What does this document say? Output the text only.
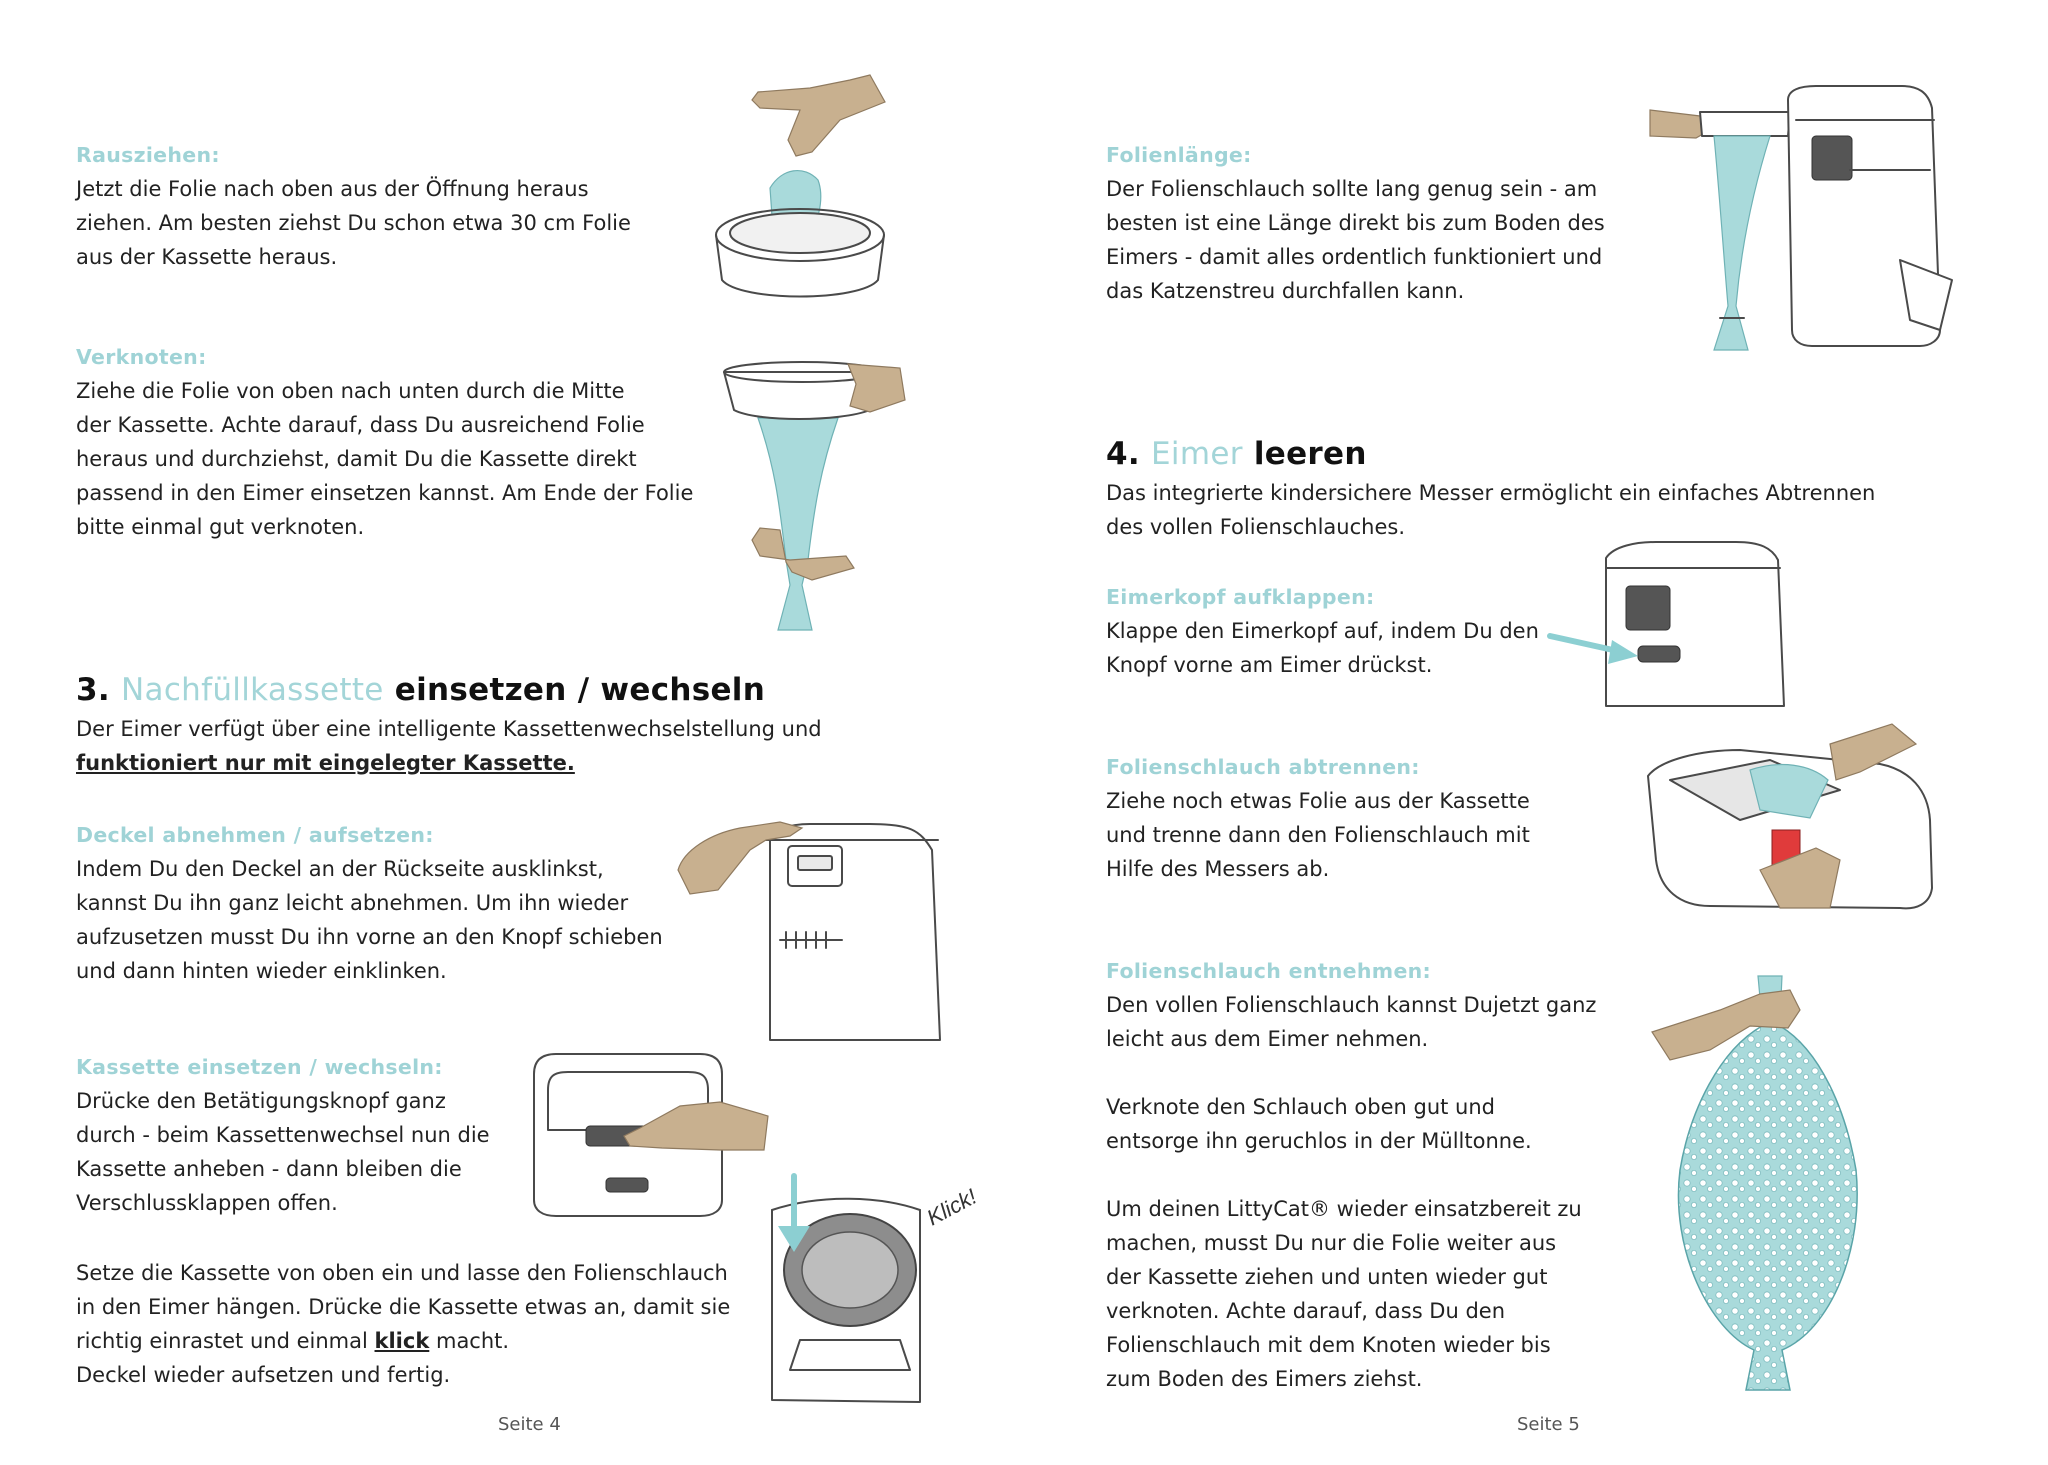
Rausziehen:

Jetzt die Folie nach oben aus der Öffnung heraus

ziehen. Am besten ziehst Du schon etwa 30 cm Folie

aus der Kassette heraus.

Verknoten:

Ziehe die Folie von oben nach unten durch die Mitte

der Kassette. Achte darauf, dass Du ausreichend Folie

heraus und durchziehst, damit Du die Kassette direkt

passend in den Eimer einsetzen kannst. Am Ende der Folie

bitte einmal gut verknoten.

3. Nachfüllkassette einsetzen / wechseln

Der Eimer verfügt über eine intelligente Kassettenwechselstellung und

funktioniert nur mit eingelegter Kassette.

Deckel abnehmen / aufsetzen:

Indem Du den Deckel an der Rückseite ausklinkst,

kannst Du ihn ganz leicht abnehmen. Um ihn wieder

aufzusetzen musst Du ihn vorne an den Knopf schieben

und dann hinten wieder einklinken.

Kassette einsetzen / wechseln:

Drücke den Betätigungsknopf ganz

durch - beim Kassettenwechsel nun die

Kassette anheben - dann bleiben die

Verschlussklappen offen.	Klick!

Setze die Kassette von oben ein und lasse den Folienschlauch

in den Eimer hängen. Drücke die Kassette etwas an, damit sie

richtig einrastet und einmal klick macht.

Deckel wieder aufsetzen und fertig.

Seite 4
Folienlänge:

Der Folienschlauch sollte lang genug sein - am

besten ist eine Länge direkt bis zum Boden des

Eimers - damit alles ordentlich funktioniert und

das Katzenstreu durchfallen kann.

4. Eimer leeren

Das integrierte kindersichere Messer ermöglicht ein einfaches Abtrennen

des vollen Folienschlauches.

Eimerkopf aufklappen:

Klappe den Eimerkopf auf, indem Du den

Knopf vorne am Eimer drückst.

Folienschlauch abtrennen:

Ziehe noch etwas Folie aus der Kassette

und trenne dann den Folienschlauch mit

Hilfe des Messers ab.

Folienschlauch entnehmen:

Den vollen Folienschlauch kannst Dujetzt ganz

leicht aus dem Eimer nehmen.

Verknote den Schlauch oben gut und

entsorge ihn geruchlos in der Mülltonne.

Um deinen LittyCat® wieder einsatzbereit zu

machen, musst Du nur die Folie weiter aus

der Kassette ziehen und unten wieder gut

verknoten. Achte darauf, dass Du den

Folienschlauch mit dem Knoten wieder bis

zum Boden des Eimers ziehst.

Seite 5
